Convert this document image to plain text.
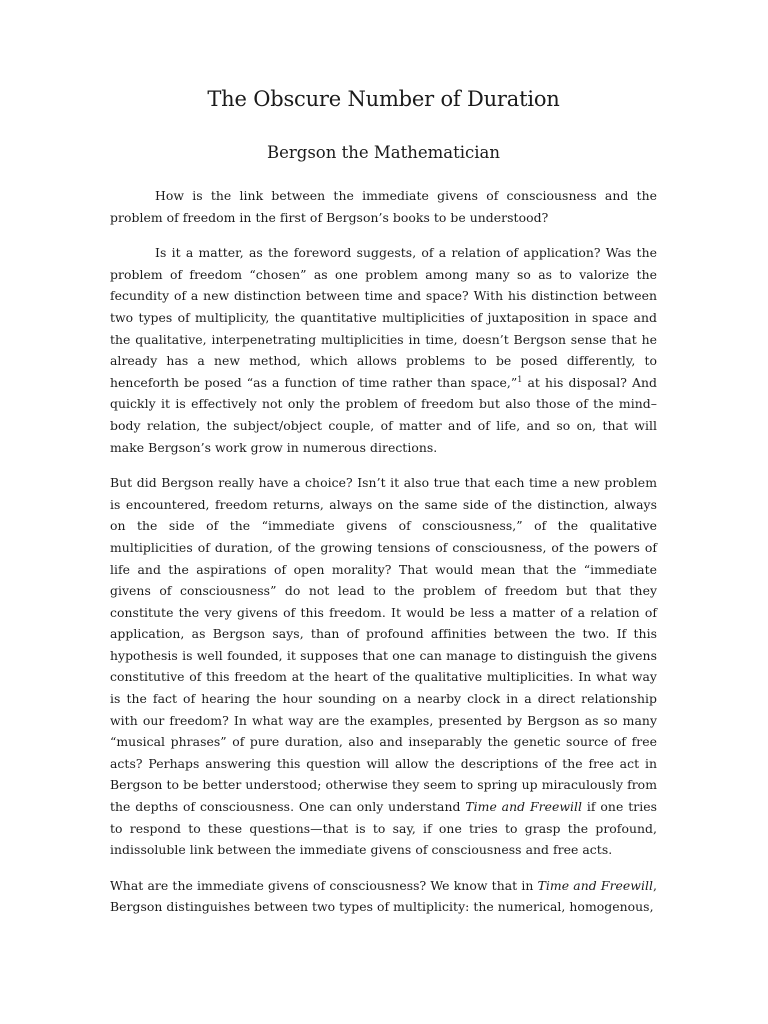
The Obscure Number of Duration
Bergson the Mathematician

How is the link between the immediate givens of consciousness and the problem of freedom in the first of Bergson’s books to be understood?

Is it a matter, as the foreword suggests, of a relation of application? Was the problem of freedom “chosen” as one problem among many so as to valorize the fecundity of a new distinction between time and space? With his distinction between two types of multiplicity, the quantitative multiplicities of juxtaposition in space and the qualitative, interpenetrating multiplicities in time, doesn’t Bergson sense that he already has a new method, which allows problems to be posed differently, to henceforth be posed “as a function of time rather than space,”$^1$ at his disposal? And quickly it is effectively not only the problem of freedom but also those of the mind–body relation, the subject/object couple, of matter and of life, and so on, that will make Bergson’s work grow in numerous directions.

But did Bergson really have a choice? Isn’t it also true that each time a new problem is encountered, freedom returns, always on the same side of the distinction, always on the side of the “immediate givens of consciousness,” of the qualitative multiplicities of duration, of the growing tensions of consciousness, of the powers of life and the aspirations of open morality? That would mean that the “immediate givens of consciousness” do not lead to the problem of freedom but that they constitute the very givens of this freedom. It would be less a matter of a relation of application, as Bergson says, than of profound affinities between the two. If this hypothesis is well founded, it supposes that one can manage to distinguish the givens constitutive of this freedom at the heart of the qualitative multiplicities. In what way is the fact of hearing the hour sounding on a nearby clock in a direct relationship with our freedom? In what way are the examples, presented by Bergson as so many “musical phrases” of pure duration, also and inseparably the genetic source of free acts? Perhaps answering this question will allow the descriptions of the free act in Bergson to be better understood; otherwise they seem to spring up miraculously from the depths of consciousness. One can only understand Time and Freewill if one tries to respond to these questions—that is to say, if one tries to grasp the profound, indissoluble link between the immediate givens of consciousness and free acts.

What are the immediate givens of consciousness? We know that in Time and Freewill, Bergson distinguishes between two types of multiplicity: the numerical, homogenous,
